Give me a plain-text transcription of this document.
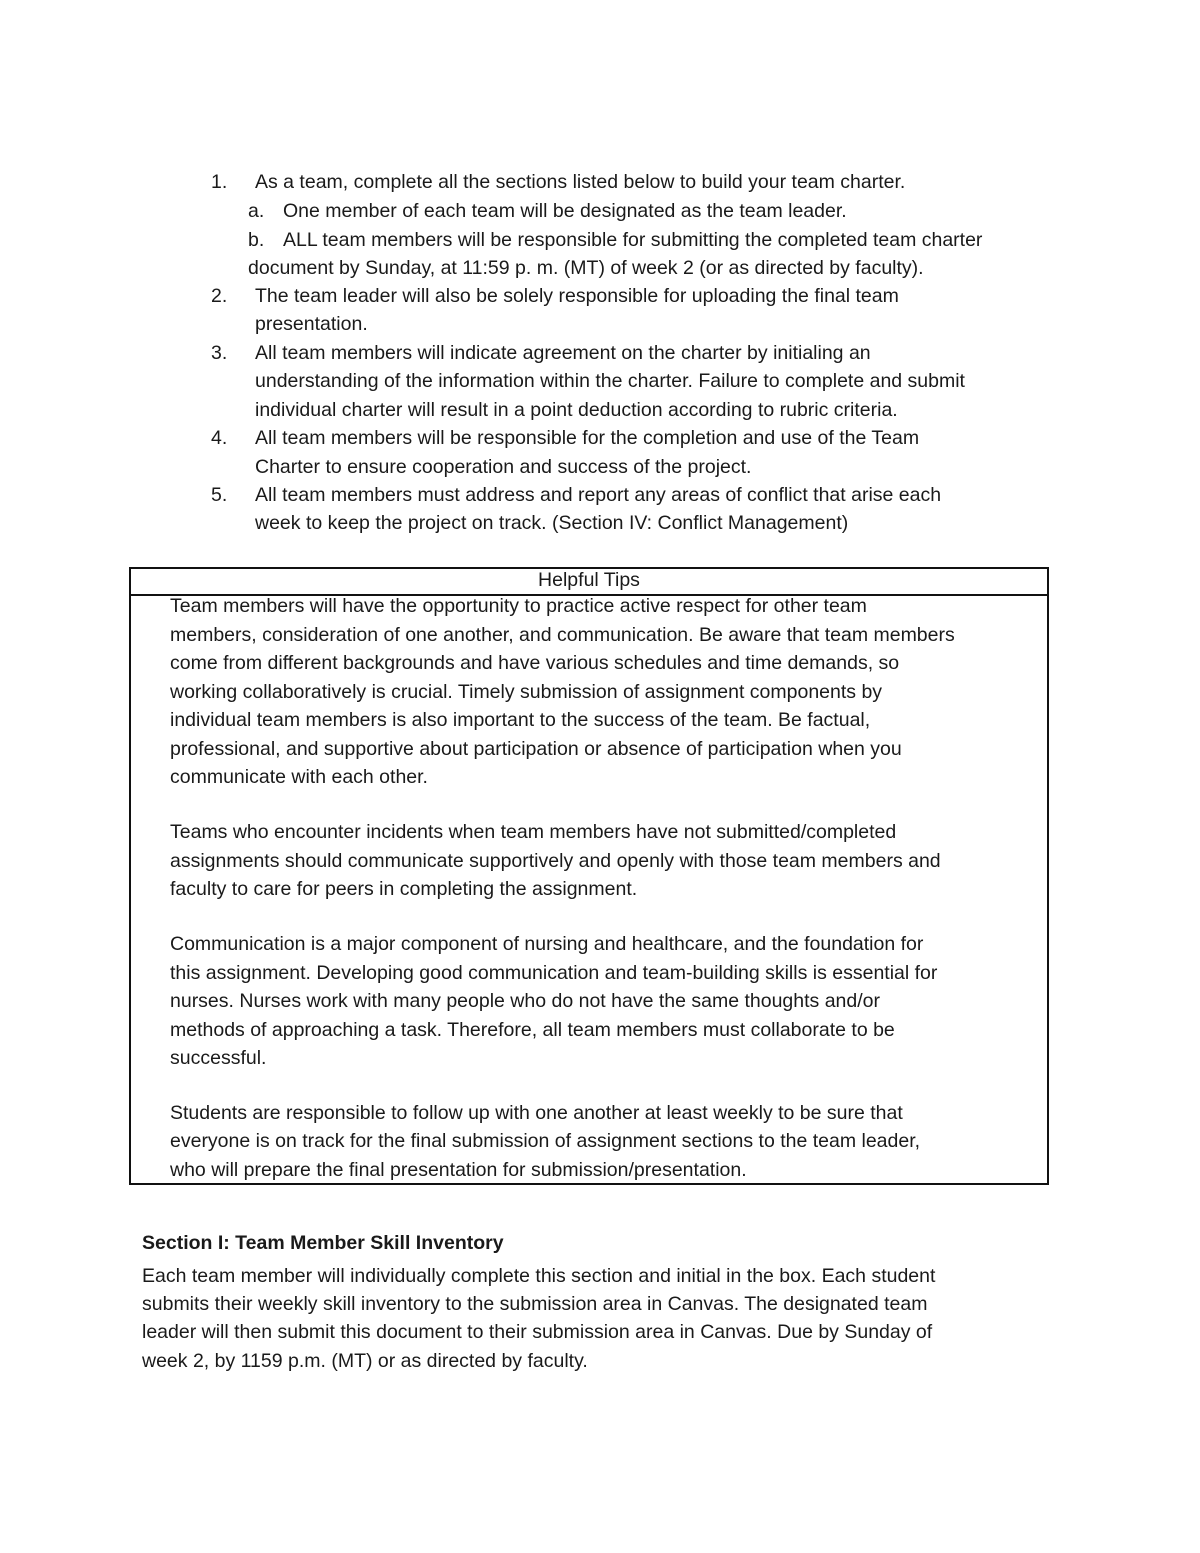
1. As a team, complete all the sections listed below to build your team charter.
a. One member of each team will be designated as the team leader.
b. ALL team members will be responsible for submitting the completed team charter
document by Sunday, at 11:59 p. m. (MT) of week 2 (or as directed by faculty).
2. The team leader will also be solely responsible for uploading the final team
presentation.
3. All team members will indicate agreement on the charter by initialing an
understanding of the information within the charter. Failure to complete and submit
individual charter will result in a point deduction according to rubric criteria.
4. All team members will be responsible for the completion and use of the Team
Charter to ensure cooperation and success of the project.
5. All team members must address and report any areas of conflict that arise each
week to keep the project on track. (Section IV: Conflict Management)
Helpful Tips
Team members will have the opportunity to practice active respect for other team
members, consideration of one another, and communication. Be aware that team members
come from different backgrounds and have various schedules and time demands, so
working collaboratively is crucial. Timely submission of assignment components by
individual team members is also important to the success of the team. Be factual,
professional, and supportive about participation or absence of participation when you
communicate with each other.
Teams who encounter incidents when team members have not submitted/completed
assignments should communicate supportively and openly with those team members and
faculty to care for peers in completing the assignment.
Communication is a major component of nursing and healthcare, and the foundation for
this assignment. Developing good communication and team-building skills is essential for
nurses. Nurses work with many people who do not have the same thoughts and/or
methods of approaching a task. Therefore, all team members must collaborate to be
successful.
Students are responsible to follow up with one another at least weekly to be sure that
everyone is on track for the final submission of assignment sections to the team leader,
who will prepare the final presentation for submission/presentation.
Section I: Team Member Skill Inventory
Each team member will individually complete this section and initial in the box. Each student
submits their weekly skill inventory to the submission area in Canvas. The designated team
leader will then submit this document to their submission area in Canvas. Due by Sunday of
week 2, by 1159 p.m. (MT) or as directed by faculty.
